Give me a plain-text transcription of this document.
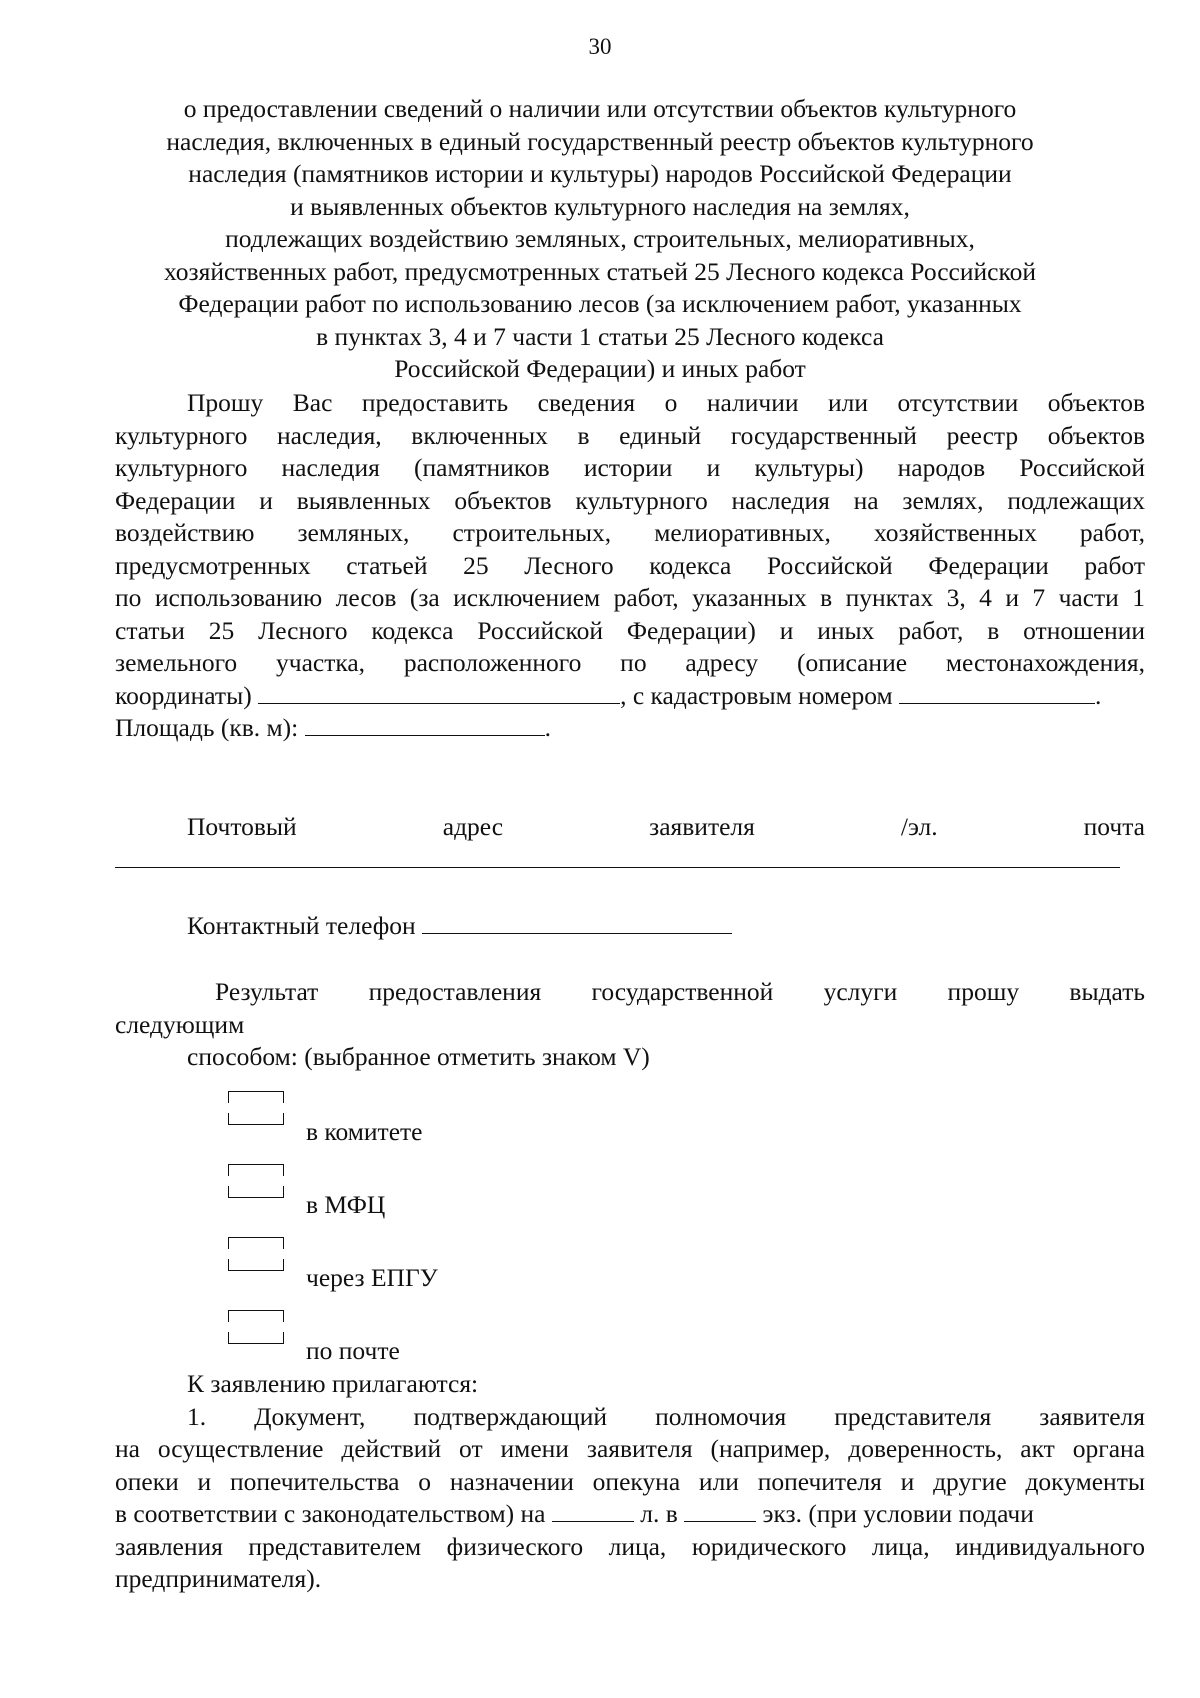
30
о предоставлении сведений о наличии или отсутствии объектов культурного
наследия, включенных в единый государственный реестр объектов культурного
наследия (памятников истории и культуры) народов Российской Федерации
и выявленных объектов культурного наследия на землях,
подлежащих воздействию земляных, строительных, мелиоративных,
хозяйственных работ, предусмотренных статьей 25 Лесного кодекса Российской
Федерации работ по использованию лесов (за исключением работ, указанных
в пунктах 3, 4 и 7 части 1 статьи 25 Лесного кодекса
Российской Федерации) и иных работ
Прошу Вас предоставить сведения о наличии или отсутствии объектов
культурного наследия, включенных в единый государственный реестр объектов
культурного наследия (памятников истории и культуры) народов Российской
Федерации и выявленных объектов культурного наследия на землях, подлежащих
воздействию земляных, строительных, мелиоративных, хозяйственных работ,
предусмотренных статьей 25 Лесного кодекса Российской Федерации работ
по использованию лесов (за исключением работ, указанных в пунктах 3, 4 и 7 части 1
статьи 25 Лесного кодекса Российской Федерации) и иных работ, в отношении
земельного участка, расположенного по адресу (описание местонахождения,
координаты)	, с кадастровым номером	.
Площадь (кв. м):	.
Почтовый адрес заявителя /эл. почта
Контактный телефон
Результат предоставления государственной услуги прошу выдать
следующим
способом: (выбранное отметить знаком V)
в комитете
в МФЦ
через ЕПГУ
по почте
К заявлению прилагаются:
1. Документ, подтверждающий полномочия представителя заявителя
на осуществление действий от имени заявителя (например, доверенность, акт органа
опеки и попечительства о назначении опекуна или попечителя и другие документы
в соответствии с законодательством) на	л. в	экз. (при условии подачи
заявления представителем физического лица, юридического лица, индивидуального
предпринимателя).
